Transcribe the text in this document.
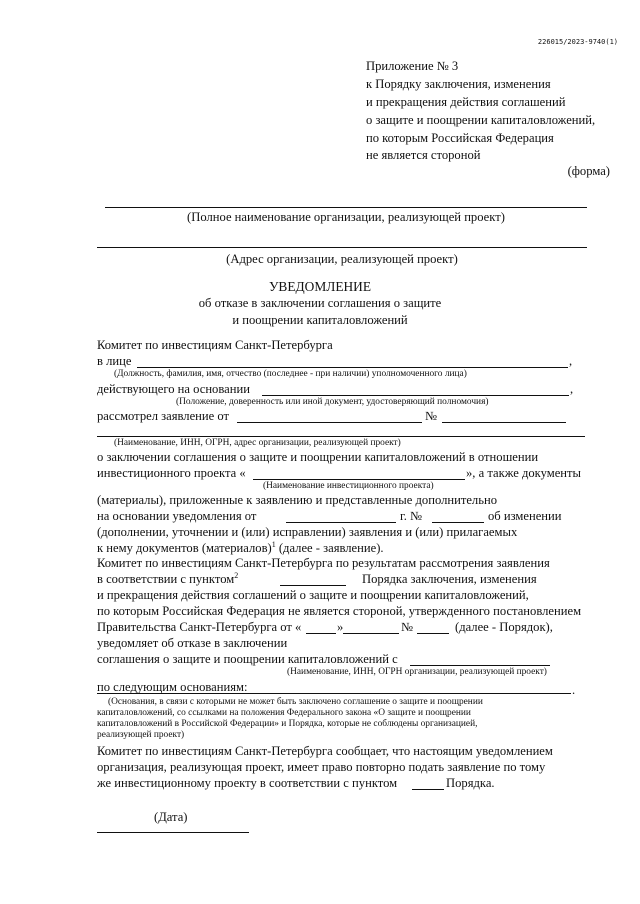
226015/2023-9740(1)
Приложение № 3
к Порядку заключения, изменения
и прекращения действия соглашений
о защите и поощрении капиталовложений,
по которым Российская Федерация
не является стороной
(форма)
(Полное наименование организации, реализующей проект)
(Адрес организации, реализующей проект)
УВЕДОМЛЕНИЕ
об отказе в заключении соглашения о защите
и поощрении капиталовложений
Комитет по инвестициям Санкт-Петербурга
в лице	,
(Должность, фамилия, имя, отчество (последнее - при наличии) уполномоченного лица)
действующего на основании	,
(Положение, доверенность или иной документ, удостоверяющий полномочия)
рассмотрел заявление от	№
(Наименование, ИНН, ОГРН, адрес организации, реализующей проект)
о заключении соглашения о защите и поощрении капиталовложений в отношении
инвестиционного проекта «	», а также документы
(Наименование инвестиционного проекта)
(материалы), приложенные к заявлению и представленные дополнительно
на основании уведомления от	г. №	об изменении
(дополнении, уточнении и (или) исправлении) заявления и (или) прилагаемых
к нему документов (материалов)$^1$ (далее - заявление).
Комитет по инвестициям Санкт-Петербурга по результатам рассмотрения заявления
в соответствии с пунктом$^2$	Порядка заключения, изменения
и прекращения действия соглашений о защите и поощрении капиталовложений,
по которым Российская Федерация не является стороной, утвержденного постановлением
Правительства Санкт-Петербурга от «	»	№	(далее - Порядок),
уведомляет об отказе в заключении
соглашения о защите и поощрении капиталовложений с
(Наименование, ИНН, ОГРН организации, реализующей проект)
по следующим основаниям:	.
(Основания, в связи с которыми не может быть заключено соглашение о защите и поощрении
капиталовложений, со ссылками на положения Федерального закона «О защите и поощрении
капиталовложений в Российской Федерации» и Порядка, которые не соблюдены организацией,
реализующей проект)
Комитет по инвестициям Санкт-Петербурга сообщает, что настоящим уведомлением
организация, реализующая проект, имеет право повторно подать заявление по тому
же инвестиционному проекту в соответствии с пунктом	Порядка.
(Дата)
